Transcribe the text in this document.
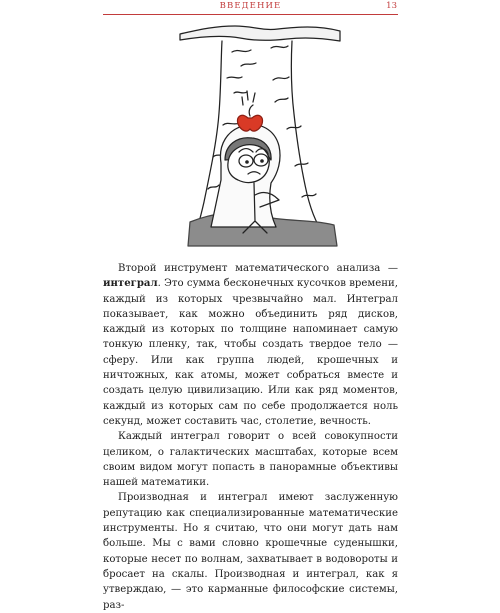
ВВЕДЕНИЕ	13

Второй инструмент математического анализа — интеграл. Это сумма бесконечных кусочков времени, каждый из которых чрезвычайно мал. Интеграл показывает, как можно объединить ряд дисков, каждый из которых по толщине напоминает самую тонкую пленку, так, чтобы создать твердое тело — сферу. Или как группа людей, крошечных и ничтожных, как атомы, может собраться вместе и создать целую цивилизацию. Или как ряд моментов, каждый из которых сам по себе продолжается ноль секунд, может составить час, столетие, вечность.

Каждый интеграл говорит о всей совокупности целиком, о галактических масштабах, которые всем своим видом могут попасть в панорамные объективы нашей математики.

Производная и интеграл имеют заслуженную репутацию как специализированные математические инструменты. Но я считаю, что они могут дать нам больше. Мы с вами словно крошечные суденышки, которые несет по волнам, захватывает в водовороты и бросает на скалы. Производная и интеграл, как я утверждаю, — это карманные философские системы, раз-
